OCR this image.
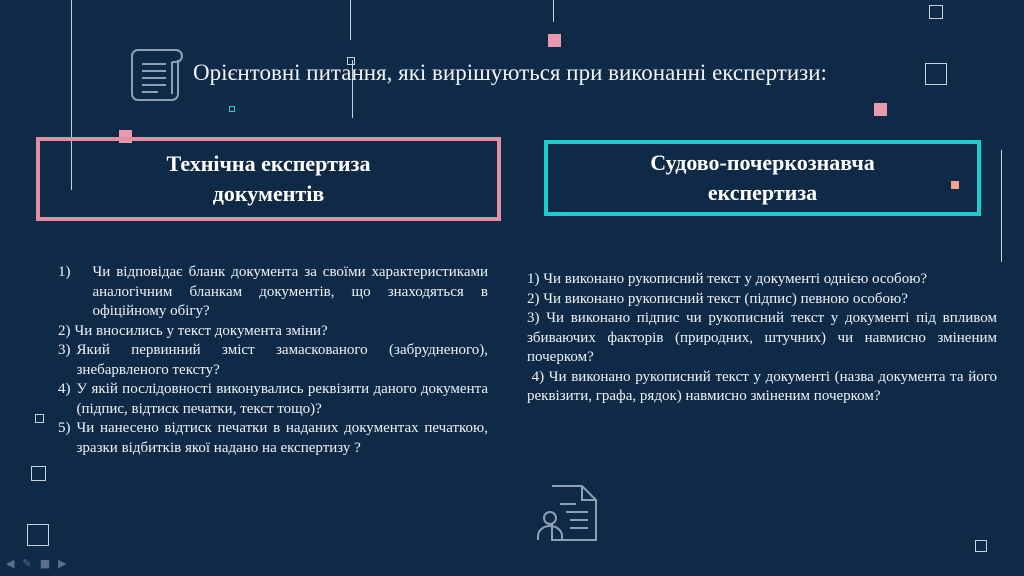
Орієнтовні питання, які вирішуються при виконанні експертизи:
Технічна експертиза документів
Судово-почеркознавча експертиза
1)	Чи відповідає бланк документа за своїми характеристиками аналогічним бланкам документів, що знаходяться в офіційному обігу?
2) Чи вносились у текст документа зміни?
3) Який первинний зміст замаскованого (забрудненого), знебарвленого тексту?
4) У якій послідовності виконувались реквізити даного документа (підпис, відтиск печатки, текст тощо)?
5) Чи нанесено відтиск печатки в наданих документах печаткою, зразки відбитків якої надано на експертизу ?

1) Чи виконано рукописний текст у документі однією особою?

2) Чи виконано рукописний текст (підпис) певною особою?

3) Чи виконано підпис чи рукописний текст у документі під впливом збиваючих факторів (природних, штучних) чи навмисно зміненим почерком?

4) Чи виконано рукописний текст у документі (назва документа та його реквізити, графа, рядок) навмисно зміненим почерком?

◀ ✎ ■ ▶
